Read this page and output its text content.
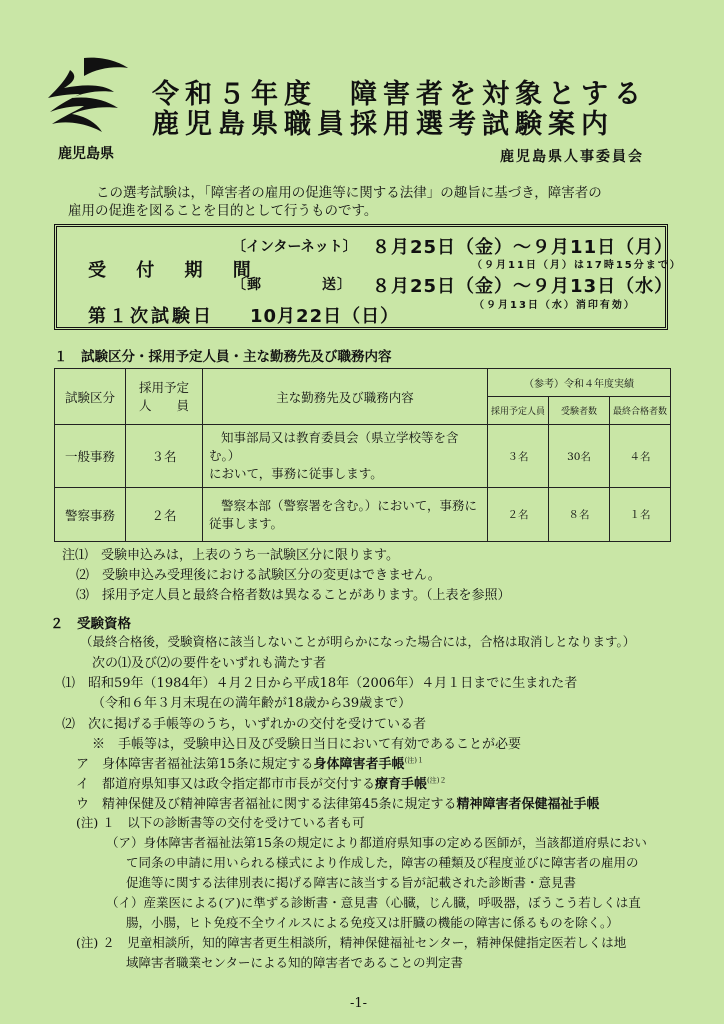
鹿児島県
令和５年度　障害者を対象とする
鹿児島県職員採用選考試験案内
鹿児島県人事委員会
この選考試験は，「障害者の雇用の促進等に関する法律」の趣旨に基づき，障害者の
雇用の促進を図ることを目的として行うものです。
受 付 期 間
〔インターネット〕 ８月25日（金）～９月11日（月）
（９月11日（月）は17時15分まで）
〔郵　　　　送〕 ８月25日（金）～９月13日（水）
（９月13日（水）消印有効）
第１次試験日 10月22日（日）
１　試験区分・採用予定人員・主な勤務先及び職務内容
試験区分	採用予定
人　　員	主な勤務先及び職務内容	（参考）令和４年度実績		
			採用予定人員	受験者数	最終合格者数
一般事務	３名	知事部局又は教育委員会（県立学校等を含む。）
において，事務に従事します。	３名	30名	４名
警察事務	２名	警察本部（警察署を含む。）において，事務に
従事します。	２名	８名	１名
注⑴　受験申込みは，上表のうち一試験区分に限ります。
⑵　受験申込み受理後における試験区分の変更はできません。
⑶　採用予定人員と最終合格者数は異なることがあります。（上表を参照）
２　受験資格
（最終合格後，受験資格に該当しないことが明らかになった場合には，合格は取消しとなります。）
次の⑴及び⑵の要件をいずれも満たす者
⑴　昭和59年（1984年）４月２日から平成18年（2006年）４月１日までに生まれた者
（令和６年３月末現在の満年齢が18歳から39歳まで）
⑵　次に掲げる手帳等のうち，いずれかの交付を受けている者
※　手帳等は，受験申込日及び受験日当日において有効であることが必要
ア　身体障害者福祉法第15条に規定する身体障害者手帳$^{(注)1}$
イ　都道府県知事又は政令指定都市市長が交付する療育手帳$^{(注)2}$
ウ　精神保健及び精神障害者福祉に関する法律第45条に規定する精神障害者保健福祉手帳
(注) １　以下の診断書等の交付を受けている者も可
（ア）身体障害者福祉法第15条の規定により都道府県知事の定める医師が，当該都道府県におい
て同条の申請に用いられる様式により作成した，障害の種類及び程度並びに障害者の雇用の
促進等に関する法律別表に掲げる障害に該当する旨が記載された診断書・意見書
（イ）産業医による(ア)に準ずる診断書・意見書（心臓，じん臓，呼吸器，ぼうこう若しくは直
腸，小腸，ヒト免疫不全ウイルスによる免疫又は肝臓の機能の障害に係るものを除く。）
(注) ２　児童相談所，知的障害者更生相談所，精神保健福祉センター，精神保健指定医若しくは地
域障害者職業センターによる知的障害者であることの判定書
-1-
